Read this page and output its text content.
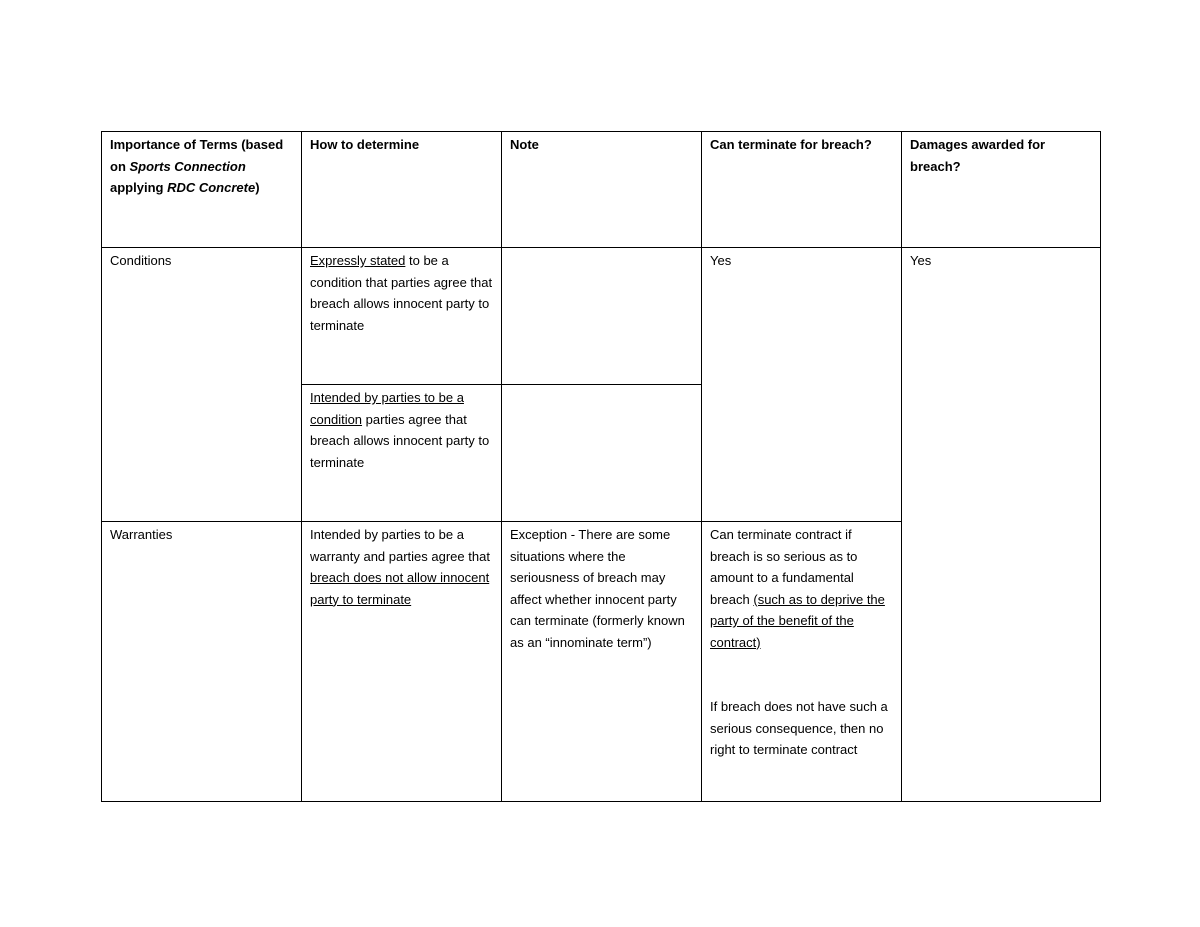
Importance of Terms (based on Sports Connection applying RDC Concrete)	How to determine	Note	Can terminate for breach?	Damages awarded for breach?
Conditions	Expressly stated to be a condition that parties agree that breach allows innocent party to terminate		Yes	Yes
	Intended by parties to be a condition parties agree that breach allows innocent party to terminate			
Warranties	Intended by parties to be a warranty and parties agree that breach does not allow innocent party to terminate	Exception - There are some situations where the seriousness of breach may affect whether innocent party can terminate (formerly known as an “innominate term”)	Can terminate contract if breach is so serious as to amount to a fundamental breach (such as to deprive the party of the benefit of the contract)
If breach does not have such a serious consequence, then no right to terminate contract	
